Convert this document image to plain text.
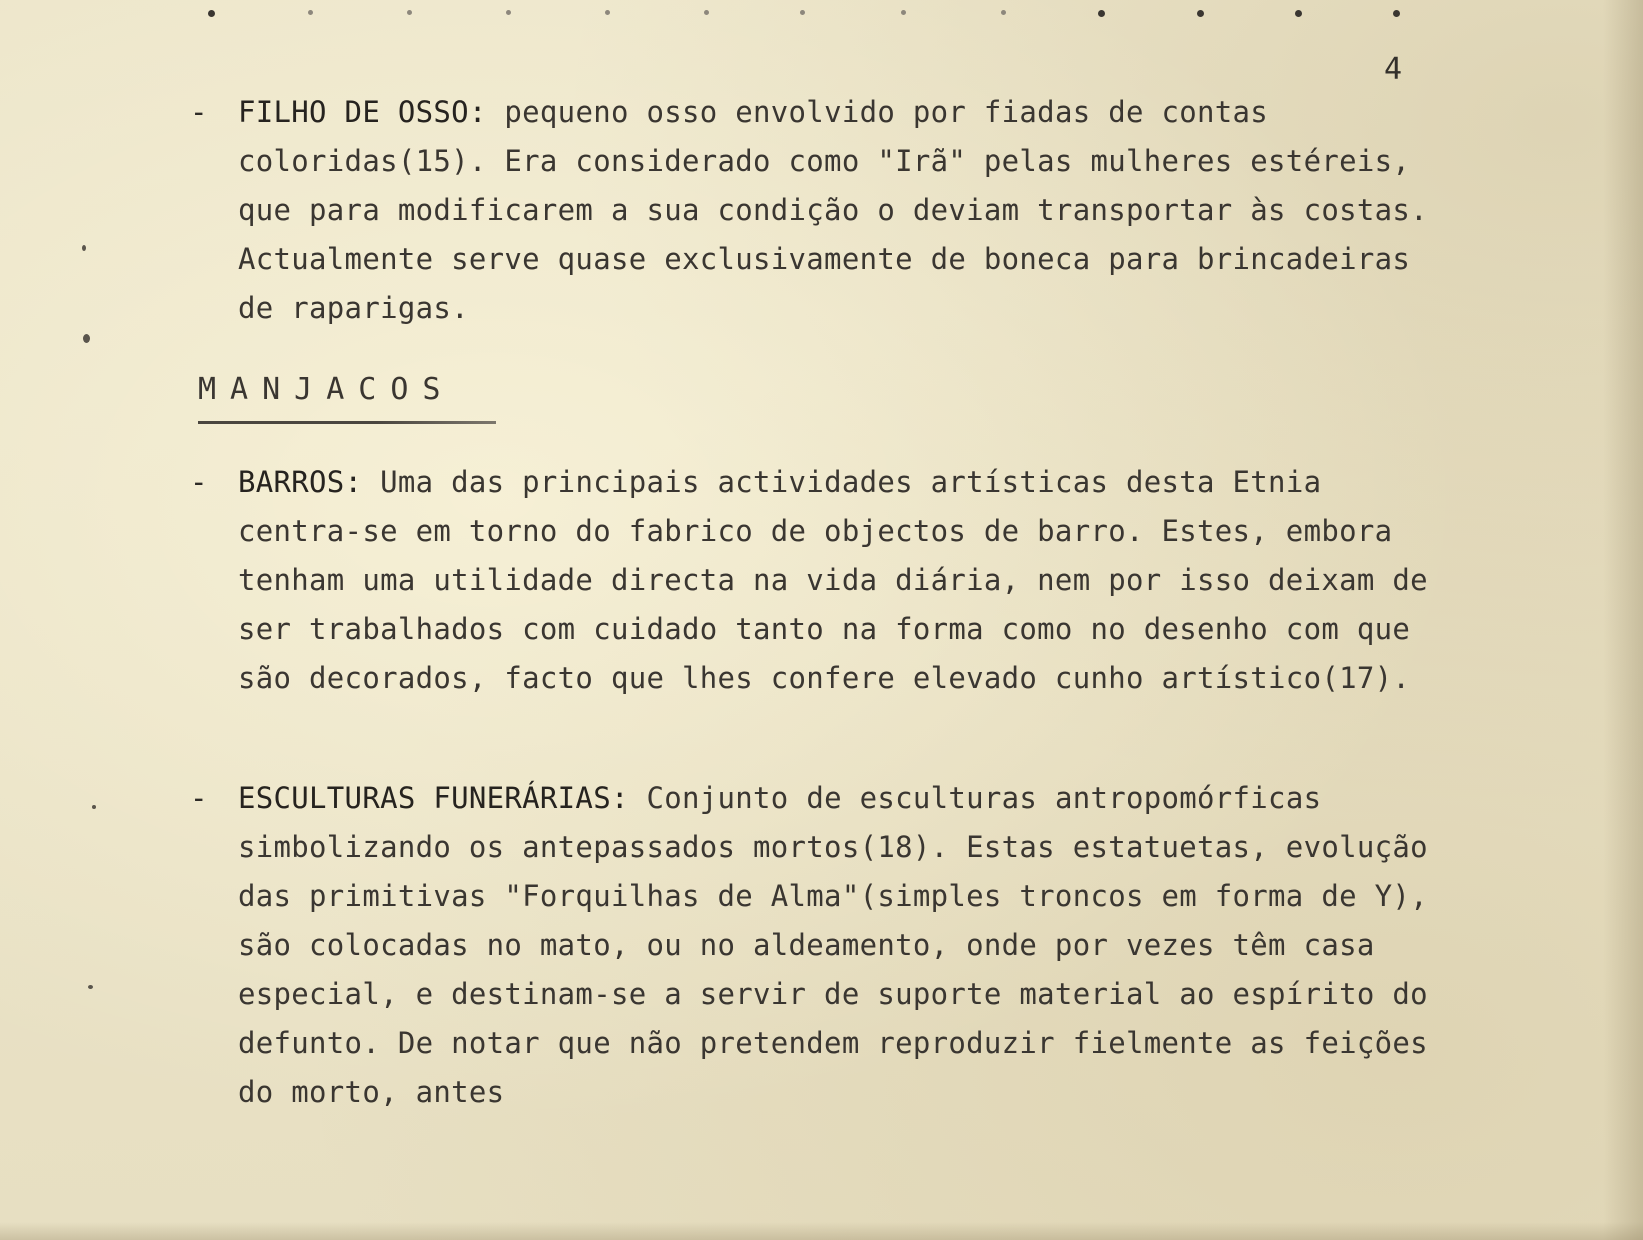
4
- FILHO DE OSSO: pequeno osso envolvido por fiadas de contas coloridas(15). Era considerado como "Irã" pelas mulheres estéreis, que para modificarem a sua condição o deviam transportar às costas. Actualmente serve quase exclusivamente de boneca para brincadeiras de raparigas.
MANJACOS
- BARROS: Uma das principais actividades artísticas desta Etnia centra-se em torno do fabrico de objectos de barro. Estes, embora tenham uma utilidade directa na vida diária, nem por isso deixam de ser trabalhados com cuidado tanto na forma como no desenho com que são decorados, facto que lhes confere elevado cunho artístico(17).
- ESCULTURAS FUNERÁRIAS: Conjunto de esculturas antropomórficas simbolizando os antepassados mortos(18). Estas estatuetas, evolução das primitivas "Forquilhas de Alma"(simples troncos em forma de Y), são colocadas no mato, ou no aldeamento, onde por vezes têm casa especial, e destinam-se a servir de suporte material ao espírito do defunto. De notar que não pretendem reproduzir fielmente as feições do morto, antes
